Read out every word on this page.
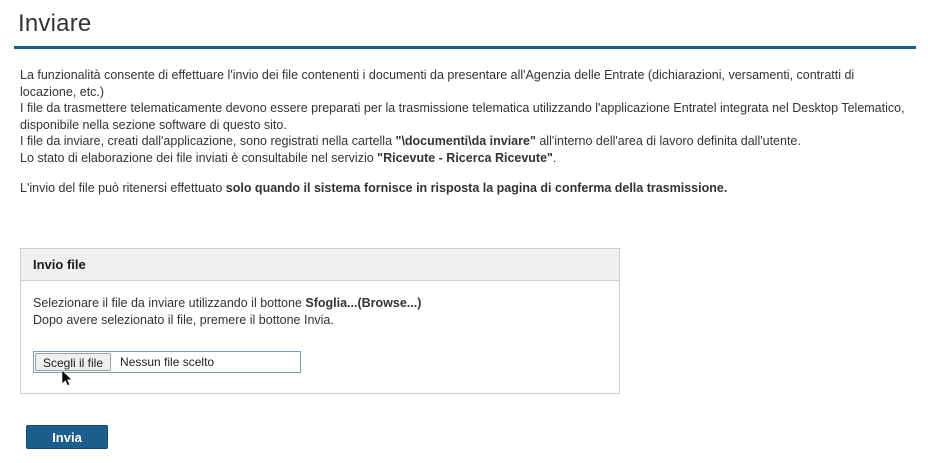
Inviare

La funzionalità consente di effettuare l'invio dei file contenenti i documenti da presentare all'Agenzia delle Entrate (dichiarazioni, versamenti, contratti di locazione, etc.)

I file da trasmettere telematicamente devono essere preparati per la trasmissione telematica utilizzando l'applicazione Entratel integrata nel Desktop Telematico, disponibile nella sezione software di questo sito.

I file da inviare, creati dall'applicazione, sono registrati nella cartella "\documenti\da inviare" all'interno dell'area di lavoro definita dall'utente.

Lo stato di elaborazione dei file inviati è consultabile nel servizio "Ricevute - Ricerca Ricevute".

L'invio del file può ritenersi effettuato solo quando il sistema fornisce in risposta la pagina di conferma della trasmissione.

Invio file

Selezionare il file da inviare utilizzando il bottone Sfoglia...(Browse...)

Dopo avere selezionato il file, premere il bottone Invia.

Scegli il file	Nessun file scelto
Invia
